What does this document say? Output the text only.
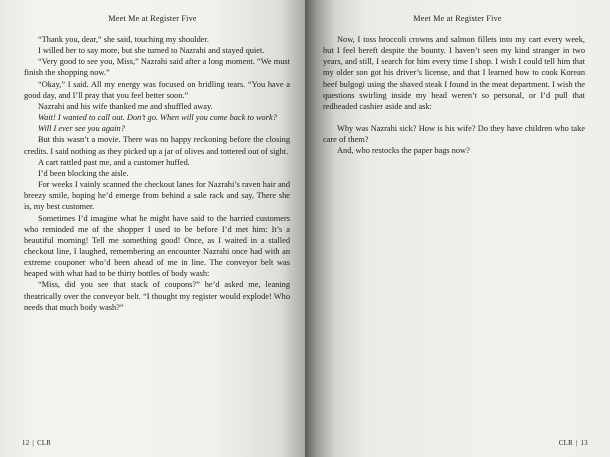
Meet Me at Register Five

“Thank you, dear,” she said, touching my shoulder.

I willed her to say more, but she turned to Nazrahi and stayed quiet.

“Very good to see you, Miss,” Nazrahi said after a long moment. “We must finish the shopping now.”

“Okay,” I said. All my energy was focused on bridling tears. “You have a good day, and I’ll pray that you feel better soon.”

Nazrahi and his wife thanked me and shuffled away.

Wait! I wanted to call out. Don’t go. When will you come back to work?

Will I ever see you again?

But this wasn’t a movie. There was no happy reckoning before the closing credits. I said nothing as they picked up a jar of olives and tottered out of sight.

A cart rattled past me, and a customer huffed.

I’d been blocking the aisle.

For weeks I vainly scanned the checkout lanes for Nazrahi’s raven hair and breezy smile, hoping he’d emerge from behind a sale rack and say, There she is, my best customer.

Sometimes I’d imagine what he might have said to the harried customers who reminded me of the shopper I used to be before I’d met him: It’s a beautiful morning! Tell me something good! Once, as I waited in a stalled checkout line, I laughed, remembering an encounter Nazrahi once had with an extreme couponer who’d been ahead of me in line. The conveyor belt was heaped with what had to be thirty bottles of body wash:

“Miss, did you see that stack of coupons?” he’d asked me, leaning theatrically over the conveyor belt. “I thought my register would explode! Who needs that much body wash?”

12 | CLR
Meet Me at Register Five

Now, I toss broccoli crowns and salmon fillets into my cart every week, but I feel bereft despite the bounty. I haven’t seen my kind stranger in two years, and still, I search for him every time I shop. I wish I could tell him that my older son got his driver’s license, and that I learned how to cook Korean beef bulgogi using the shaved steak I found in the meat department. I wish the questions swirling inside my head weren’t so personal, or I’d pull that redheaded cashier aside and ask:

Why was Nazrahi sick? How is his wife? Do they have children who take care of them?

And, who restocks the paper bags now?

CLR | 13
